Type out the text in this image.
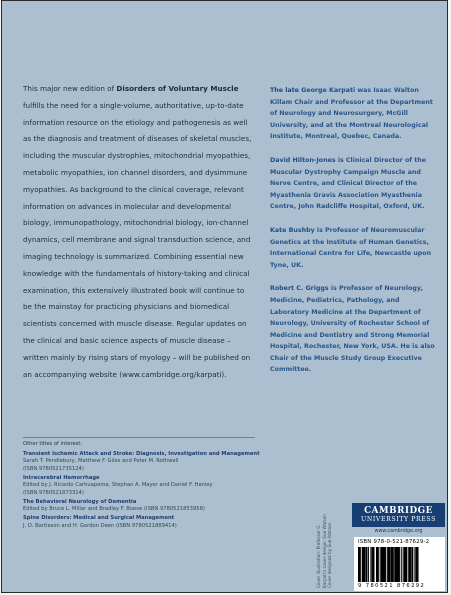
This major new edition of Disorders of Voluntary Muscle fulfills the need for a single-volume, authoritative, up-to-date information resource on the etiology and pathogenesis as well as the diagnosis and treatment of diseases of skeletal muscles, including the muscular dystrophies, mitochondrial myopathies, metabolic myopathies, ion channel disorders, and dysimmune myopathies. As background to the clinical coverage, relevant information on advances in molecular and developmental biology, immunopathology, mitochondrial biology, ion-channel dynamics, cell membrane and signal transduction science, and imaging technology is summarized. Combining essential new knowledge with the fundamentals of history-taking and clinical examination, this extensively illustrated book will continue to be the mainstay for practicing physicians and biomedical scientists concerned with muscle disease. Regular updates on the clinical and basic science aspects of muscle disease – written mainly by rising stars of myology – will be published on an accompanying website (www.cambridge.org/karpati).

The late George Karpati was Isaac Walton Killam Chair and Professor at the Department of Neurology and Neurosurgery, McGill University, and at the Montreal Neurological Institute, Montreal, Quebec, Canada.

David Hilton-Jones is Clinical Director of the Muscular Dystrophy Campaign Muscle and Nerve Centre, and Clinical Director of the Myasthenia Gravis Association Myasthenia Centre, John Radcliffe Hospital, Oxford, UK.

Kate Bushby is Professor of Neuromuscular Genetics at the Institute of Human Genetics, International Centre for Life, Newcastle upon Tyne, UK.

Robert C. Griggs is Professor of Neurology, Medicine, Pediatrics, Pathology, and Laboratory Medicine at the Department of Neurology, University of Rochester School of Medicine and Dentistry and Strong Memorial Hospital, Rochester, New York, USA. He is also Chair of the Muscle Study Group Executive Committee.

Other titles of interest:
Transient Ischemic Attack and Stroke: Diagnosis, Investigation and Management
Sarah T. Pendlebury, Matthew F. Giles and Peter M. Rothwell
(ISBN 9780521735124)
Intracerebral Hemorrhage
Edited by J. Ricardo Carhuapoma, Stephan A. Mayer and Daniel F. Hanley
(ISBN 9780521873314)
The Behavioral Neurology of Dementia
Edited by Bruce L. Miller and Bradley F. Boeve (ISBN 9780521853958)
Spine Disorders: Medical and Surgical Management
J. D. Bartleson and H. Gordon Deen (ISBN 9780521889414)	Cover illustration: Professor G. Karpati's cover design: Sue Watson Cover designed by Sue Watson
CAMBRIDGE
UNIVERSITY PRESS
www.cambridge.org
ISBN 978-0-521-87629-2
9 780521 876292
